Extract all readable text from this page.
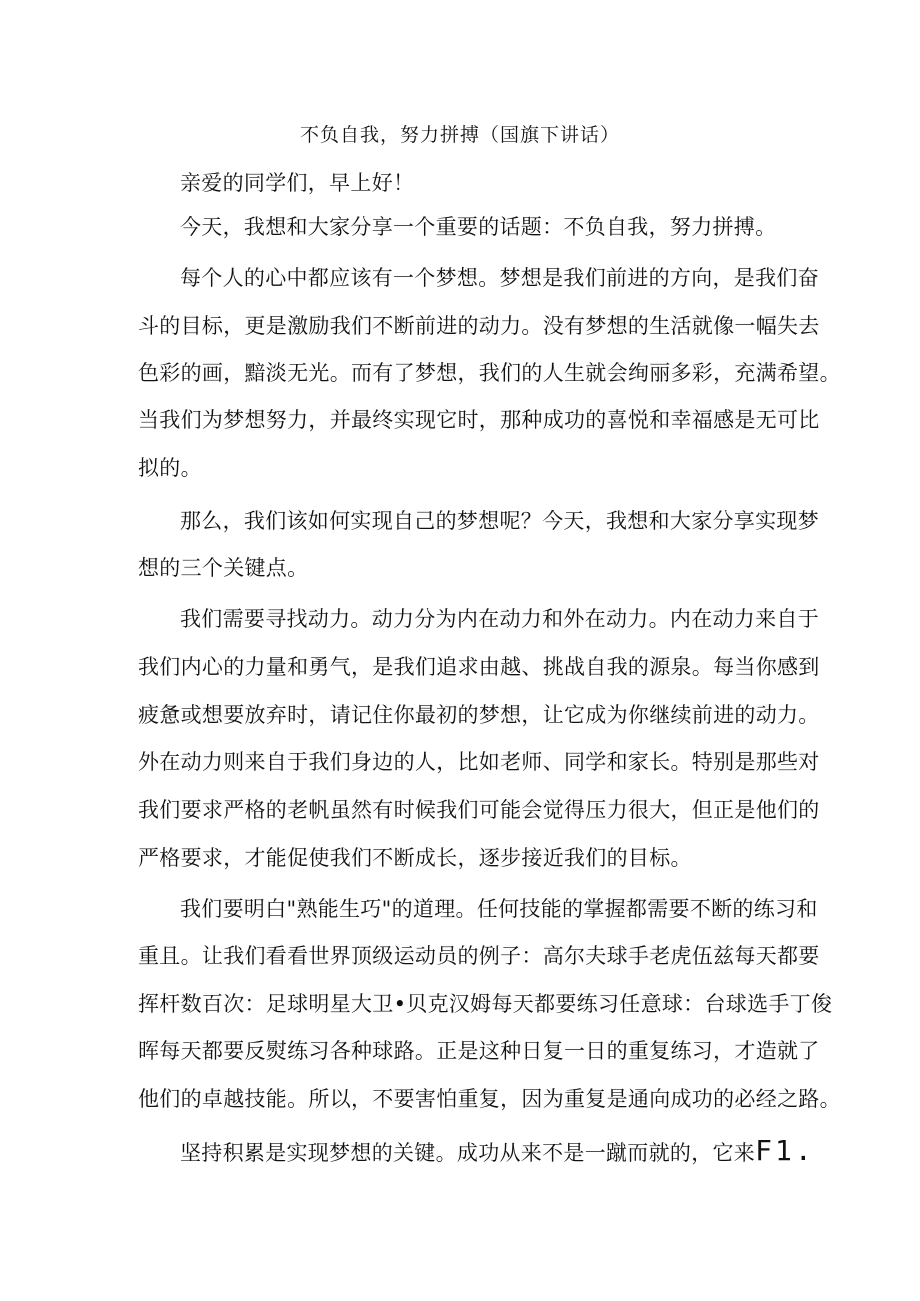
不负自我，努力拼搏（国旗下讲话）
亲爱的同学们，早上好！
今天，我想和大家分享一个重要的话题：不负自我，努力拼搏。
每个人的心中都应该有一个梦想。梦想是我们前进的方向，是我们奋
斗的目标，更是激励我们不断前进的动力。没有梦想的生活就像一幅失去
色彩的画，黯淡无光。而有了梦想，我们的人生就会绚丽多彩，充满希望。
当我们为梦想努力，并最终实现它时，那种成功的喜悦和幸福感是无可比
拟的。
那么，我们该如何实现自己的梦想呢？今天，我想和大家分享实现梦
想的三个关键点。
我们需要寻找动力。动力分为内在动力和外在动力。内在动力来自于
我们内心的力量和勇气，是我们追求由越、挑战自我的源泉。每当你感到
疲惫或想要放弃时，请记住你最初的梦想，让它成为你继续前进的动力。
外在动力则来自于我们身边的人，比如老师、同学和家长。特别是那些对
我们要求严格的老帆虽然有时候我们可能会觉得压力很大，但正是他们的
严格要求，才能促使我们不断成长，逐步接近我们的目标。
我们要明白"熟能生巧"的道理。任何技能的掌握都需要不断的练习和
重且。让我们看看世界顶级运动员的例子：高尔夫球手老虎伍兹每天都要
挥杆数百次：足球明星大卫•贝克汉姆每天都要练习任意球：台球选手丁俊
晖每天都要反熨练习各种球路。正是这种日复一日的重复练习，才造就了
他们的卓越技能。所以，不要害怕重复，因为重复是通向成功的必经之路。
坚持积累是实现梦想的关键。成功从来不是一蹴而就的，它来F1.
